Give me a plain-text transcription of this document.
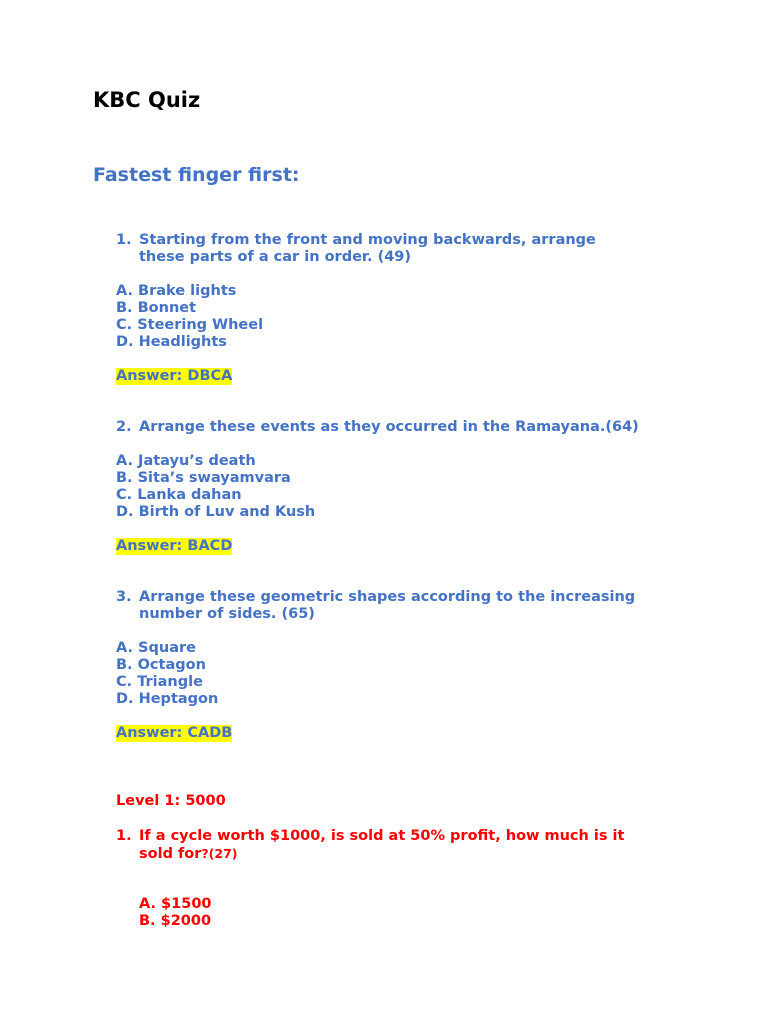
KBC Quiz
Fastest finger first:
1. Starting from the front and moving backwards, arrange
these parts of a car in order. (49)
A. Brake lights
B. Bonnet
C. Steering Wheel
D. Headlights
Answer: DBCA
2. Arrange these events as they occurred in the Ramayana.(64)
A. Jatayu’s death
B. Sita’s swayamvara
C. Lanka dahan
D. Birth of Luv and Kush
Answer: BACD
3. Arrange these geometric shapes according to the increasing
number of sides. (65)
A. Square
B. Octagon
C. Triangle
D. Heptagon
Answer: CADB
Level 1: 5000
1. If a cycle worth $1000, is sold at 50% profit, how much is it
sold for?(27)
A. $1500
B. $2000
